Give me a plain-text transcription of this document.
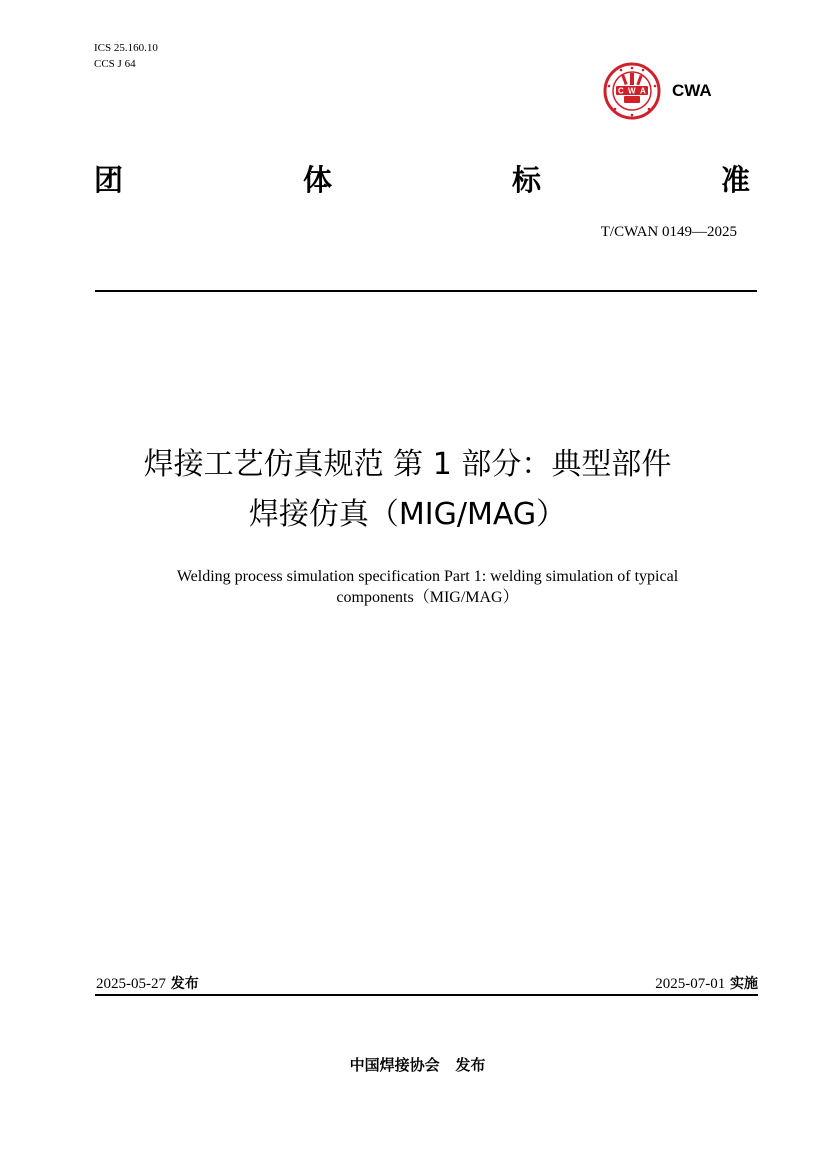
ICS 25.160.10
CCS J 64
C W A CWA
团	体	标	准
T/CWAN 0149—2025
焊接工艺仿真规范 第 1 部分：典型部件
焊接仿真（MIG/MAG）
Welding process simulation specification Part 1: welding simulation of typical
components（MIG/MAG）
2025-05-27 发布	2025-07-01 实施
中国焊接协会   发布
